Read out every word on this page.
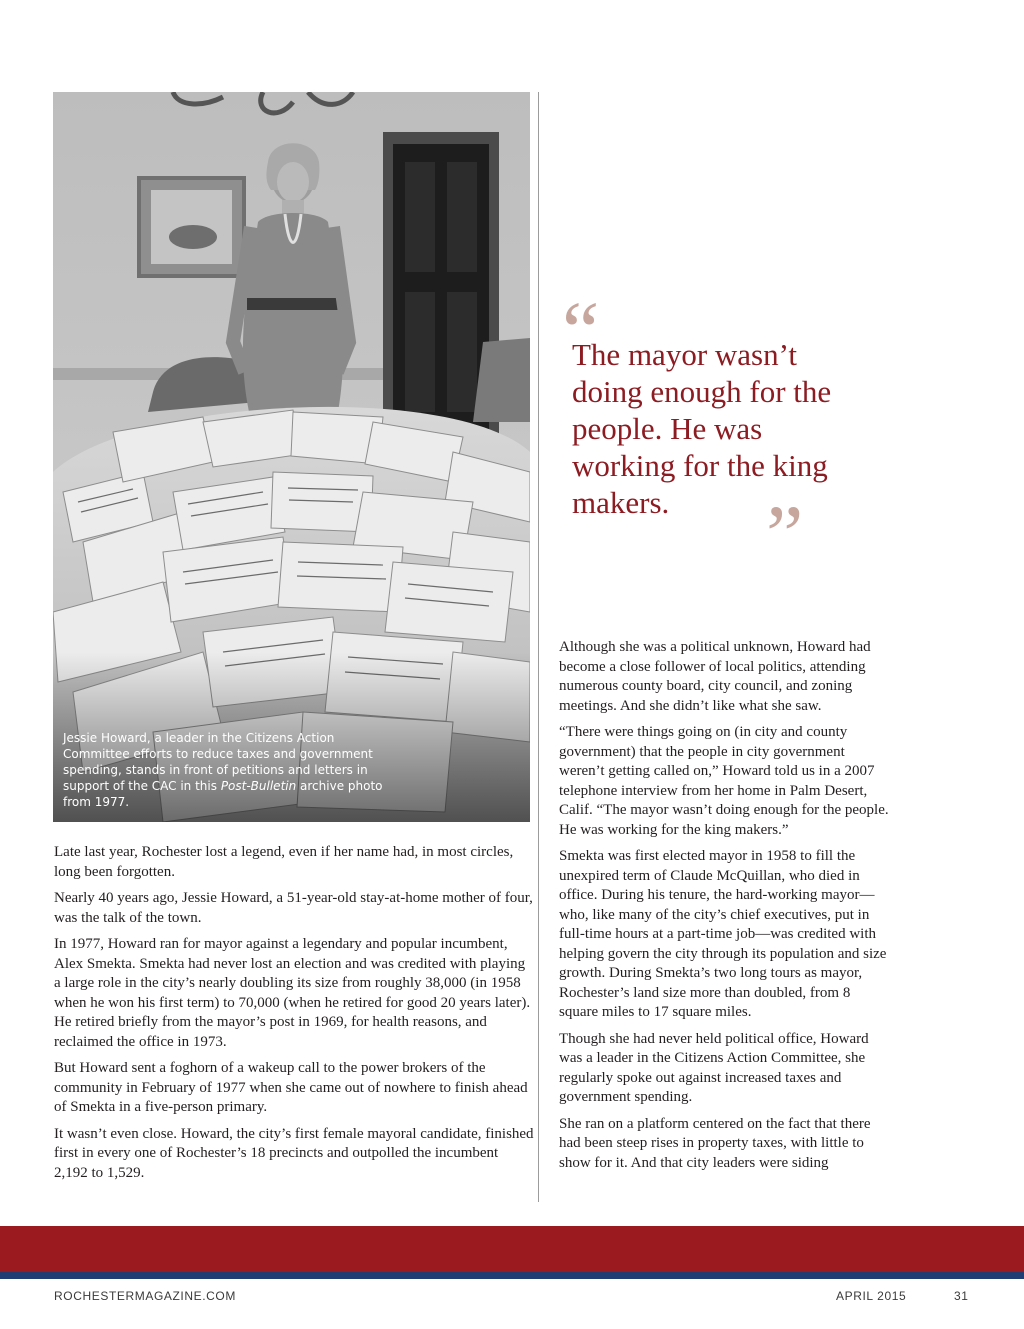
Jessie Howard, a leader in the Citizens Action Committee efforts to reduce taxes and government spending, stands in front of petitions and letters in support of the CAC in this Post-Bulletin archive photo from 1977.

“

The mayor wasn’t doing enough for the people. He was working for the king makers.	”

Late last year, Rochester lost a legend, even if her name had, in most circles, long been forgotten.

Nearly 40 years ago, Jessie Howard, a 51-year-old stay-at-home mother of four, was the talk of the town.

In 1977, Howard ran for mayor against a legendary and popular incumbent, Alex Smekta. Smekta had never lost an election and was credited with playing a large role in the city’s nearly doubling its size from roughly 38,000 (in 1958 when he won his first term) to 70,000 (when he retired for good 20 years later). He retired briefly from the mayor’s post in 1969, for health reasons, and reclaimed the office in 1973.

But Howard sent a foghorn of a wakeup call to the power brokers of the community in February of 1977 when she came out of nowhere to finish ahead of Smekta in a five-person primary.

It wasn’t even close. Howard, the city’s first female mayoral candidate, finished first in every one of Rochester’s 18 precincts and outpolled the incumbent 2,192 to 1,529.

Although she was a political unknown, Howard had become a close follower of local politics, attending numerous county board, city council, and zoning meetings. And she didn’t like what she saw.

“There were things going on (in city and county government) that the people in city government weren’t getting called on,” Howard told us in a 2007 telephone interview from her home in Palm Desert, Calif. “The mayor wasn’t doing enough for the people. He was working for the king makers.”

Smekta was first elected mayor in 1958 to fill the unexpired term of Claude McQuillan, who died in office. During his tenure, the hard-working mayor—who, like many of the city’s chief executives, put in full-time hours at a part-time job—was credited with helping govern the city through its population and size growth. During Smekta’s two long tours as mayor, Rochester’s land size more than doubled, from 8 square miles to 17 square miles.

Though she had never held political office, Howard was a leader in the Citizens Action Committee, she regularly spoke out against increased taxes and government spending.

She ran on a platform centered on the fact that there had been steep rises in property taxes, with little to show for it. And that city leaders were siding

ROCHESTERMAGAZINE.COM	APRIL 2015	31
